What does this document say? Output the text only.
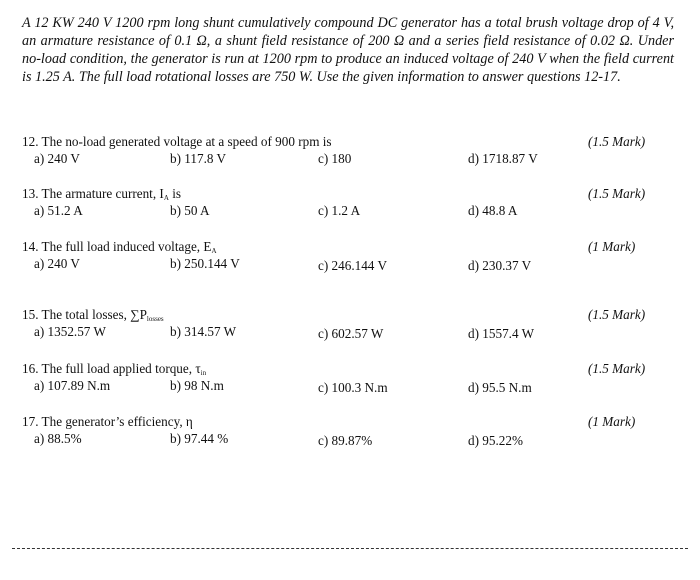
A 12 KW 240 V 1200 rpm long shunt cumulatively compound DC generator has a total brush voltage drop of 4 V, an armature resistance of 0.1 Ω, a shunt field resistance of 200 Ω and a series field resistance of 0.02 Ω. Under no-load condition, the generator is run at 1200 rpm to produce an induced voltage of 240 V when the field current is 1.25 A. The full load rotational losses are 750 W. Use the given information to answer questions 12-17.

12. The no-load generated voltage at a speed of 900 rpm is	(1.5 Mark)
a) 240 V	b) 117.8 V	c) 180	d) 1718.87 V
13. The armature current, $I_A$ is	(1.5 Mark)
a) 51.2 A	b) 50 A	c) 1.2 A	d) 48.8 A
14. The full load induced voltage, $E_A$	(1 Mark)
a) 240 V	b) 250.144 V	c) 246.144 V	d) 230.37 V
15. The total losses, $\sum P_{losses}$	(1.5 Mark)
a) 1352.57 W	b) 314.57 W	c) 602.57 W	d) 1557.4 W
16. The full load applied torque, $\tau_{in}$	(1.5 Mark)
a) 107.89 N.m	b) 98 N.m	c) 100.3 N.m	d) 95.5 N.m
17. The generator’s efficiency, η	(1 Mark)
a) 88.5%	b) 97.44 %	c) 89.87%	d) 95.22%
